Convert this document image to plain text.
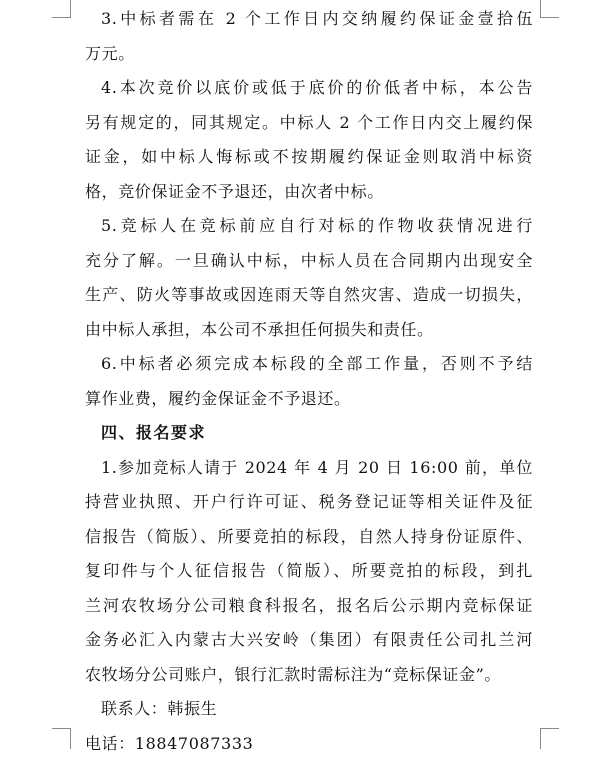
3.中标者需在 2 个工作日内交纳履约保证金壹拾伍
万元。
4.本次竞价以底价或低于底价的价低者中标，本公告
另有规定的，同其规定。中标人 2 个工作日内交上履约保
证金，如中标人悔标或不按期履约保证金则取消中标资
格，竞价保证金不予退还，由次者中标。
5.竞标人在竞标前应自行对标的作物收获情况进行
充分了解。一旦确认中标，中标人员在合同期内出现安全
生产、防火等事故或因连雨天等自然灾害、造成一切损失，
由中标人承担，本公司不承担任何损失和责任。
6.中标者必须完成本标段的全部工作量，否则不予结
算作业费，履约金保证金不予退还。
四、报名要求
1.参加竞标人请于 2024 年 4 月 20 日 16:00 前，单位
持营业执照、开户行许可证、税务登记证等相关证件及征
信报告（简版）、所要竞拍的标段，自然人持身份证原件、
复印件与个人征信报告（简版）、所要竞拍的标段，到扎
兰河农牧场分公司粮食科报名，报名后公示期内竞标保证
金务必汇入内蒙古大兴安岭（集团）有限责任公司扎兰河
农牧场分公司账户，银行汇款时需标注为“竞标保证金”。
联系人：韩振生
电话：18847087333
